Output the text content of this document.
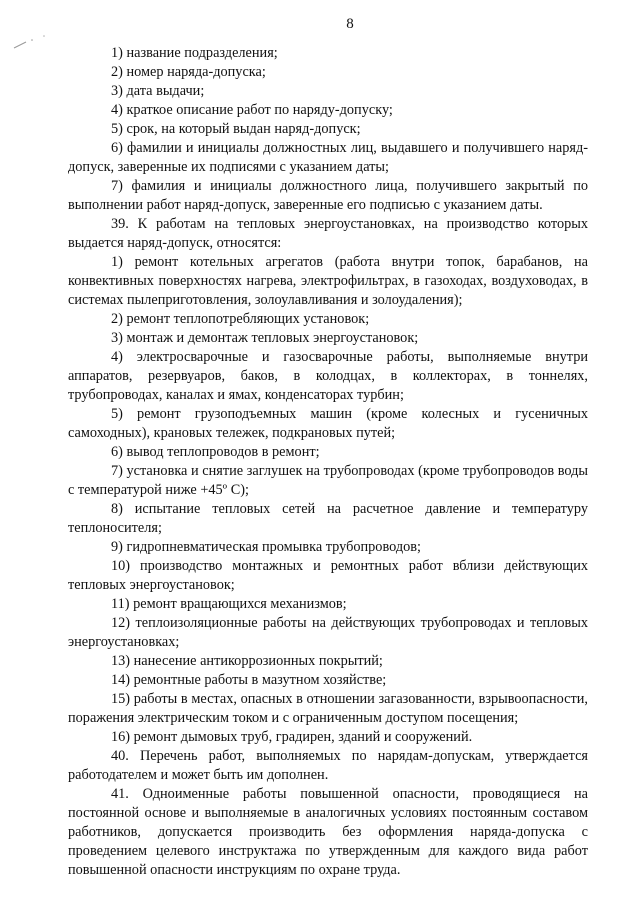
8

1) название подразделения;

2) номер наряда-допуска;

3) дата выдачи;

4) краткое описание работ по наряду-допуску;

5) срок, на который выдан наряд-допуск;

6) фамилии и инициалы должностных лиц, выдавшего и получившего наряд-допуск, заверенные их подписями с указанием даты;

7) фамилия и инициалы должностного лица, получившего закрытый по выполнении работ наряд-допуск, заверенные его подписью с указанием даты.

39. К работам на тепловых энергоустановках, на производство которых выдается наряд-допуск, относятся:

1) ремонт котельных агрегатов (работа внутри топок, барабанов, на конвективных поверхностях нагрева, электрофильтрах, в газоходах, воздуховодах, в системах пылеприготовления, золоулавливания и золоудаления);

2) ремонт теплопотребляющих установок;

3) монтаж и демонтаж тепловых энергоустановок;

4) электросварочные и газосварочные работы, выполняемые внутри аппаратов, резервуаров, баков, в колодцах, в коллекторах, в тоннелях, трубопроводах, каналах и ямах, конденсаторах турбин;

5) ремонт грузоподъемных машин (кроме колесных и гусеничных самоходных), крановых тележек, подкрановых путей;

6) вывод теплопроводов в ремонт;

7) установка и снятие заглушек на трубопроводах (кроме трубопроводов воды с температурой ниже +45º С);

8) испытание тепловых сетей на расчетное давление и температуру теплоносителя;

9) гидропневматическая промывка трубопроводов;

10) производство монтажных и ремонтных работ вблизи действующих тепловых энергоустановок;

11) ремонт вращающихся механизмов;

12) теплоизоляционные работы на действующих трубопроводах и тепловых энергоустановках;

13) нанесение антикоррозионных покрытий;

14) ремонтные работы в мазутном хозяйстве;

15) работы в местах, опасных в отношении загазованности, взрывоопасности, поражения электрическим током и с ограниченным доступом посещения;

16) ремонт дымовых труб, градирен, зданий и сооружений.

40. Перечень работ, выполняемых по нарядам-допускам, утверждается работодателем и может быть им дополнен.

41. Одноименные работы повышенной опасности, проводящиеся на постоянной основе и выполняемые в аналогичных условиях постоянным составом работников, допускается производить без оформления наряда-допуска с проведением целевого инструктажа по утвержденным для каждого вида работ повышенной опасности инструкциям по охране труда.
